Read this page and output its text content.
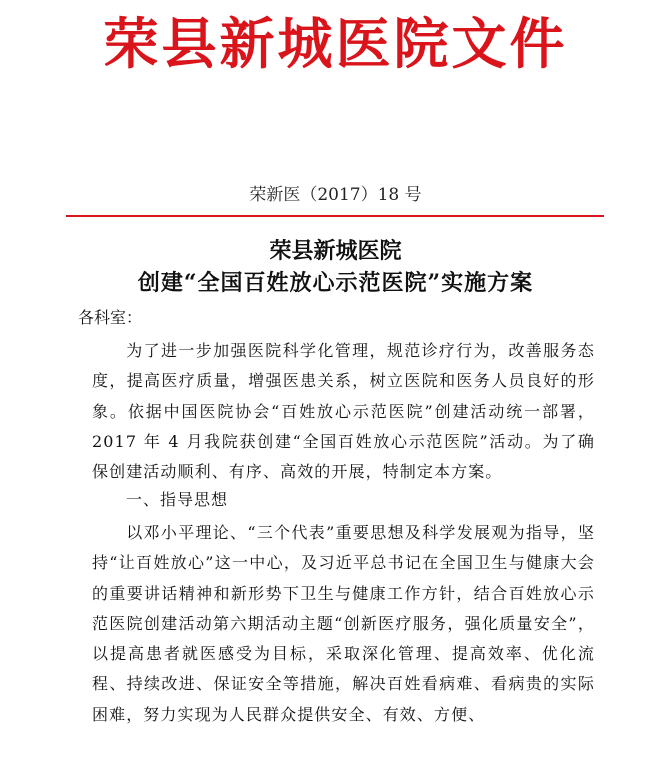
荣县新城医院文件
荣新医（2017）18 号
荣县新城医院
创建“全国百姓放心示范医院”实施方案
各科室：
为了进一步加强医院科学化管理，规范诊疗行为，改善服务态度，提高医疗质量，增强医患关系，树立医院和医务人员良好的形象。依据中国医院协会“百姓放心示范医院”创建活动统一部署，2017 年 4 月我院获创建“全国百姓放心示范医院”活动。为了确保创建活动顺利、有序、高效的开展，特制定本方案。
一、指导思想
以邓小平理论、“三个代表”重要思想及科学发展观为指导，坚持“让百姓放心”这一中心，及习近平总书记在全国卫生与健康大会的重要讲话精神和新形势下卫生与健康工作方针，结合百姓放心示范医院创建活动第六期活动主题“创新医疗服务，强化质量安全”，以提高患者就医感受为目标，采取深化管理、提高效率、优化流程、持续改进、保证安全等措施，解决百姓看病难、看病贵的实际困难，努力实现为人民群众提供安全、有效、方便、
